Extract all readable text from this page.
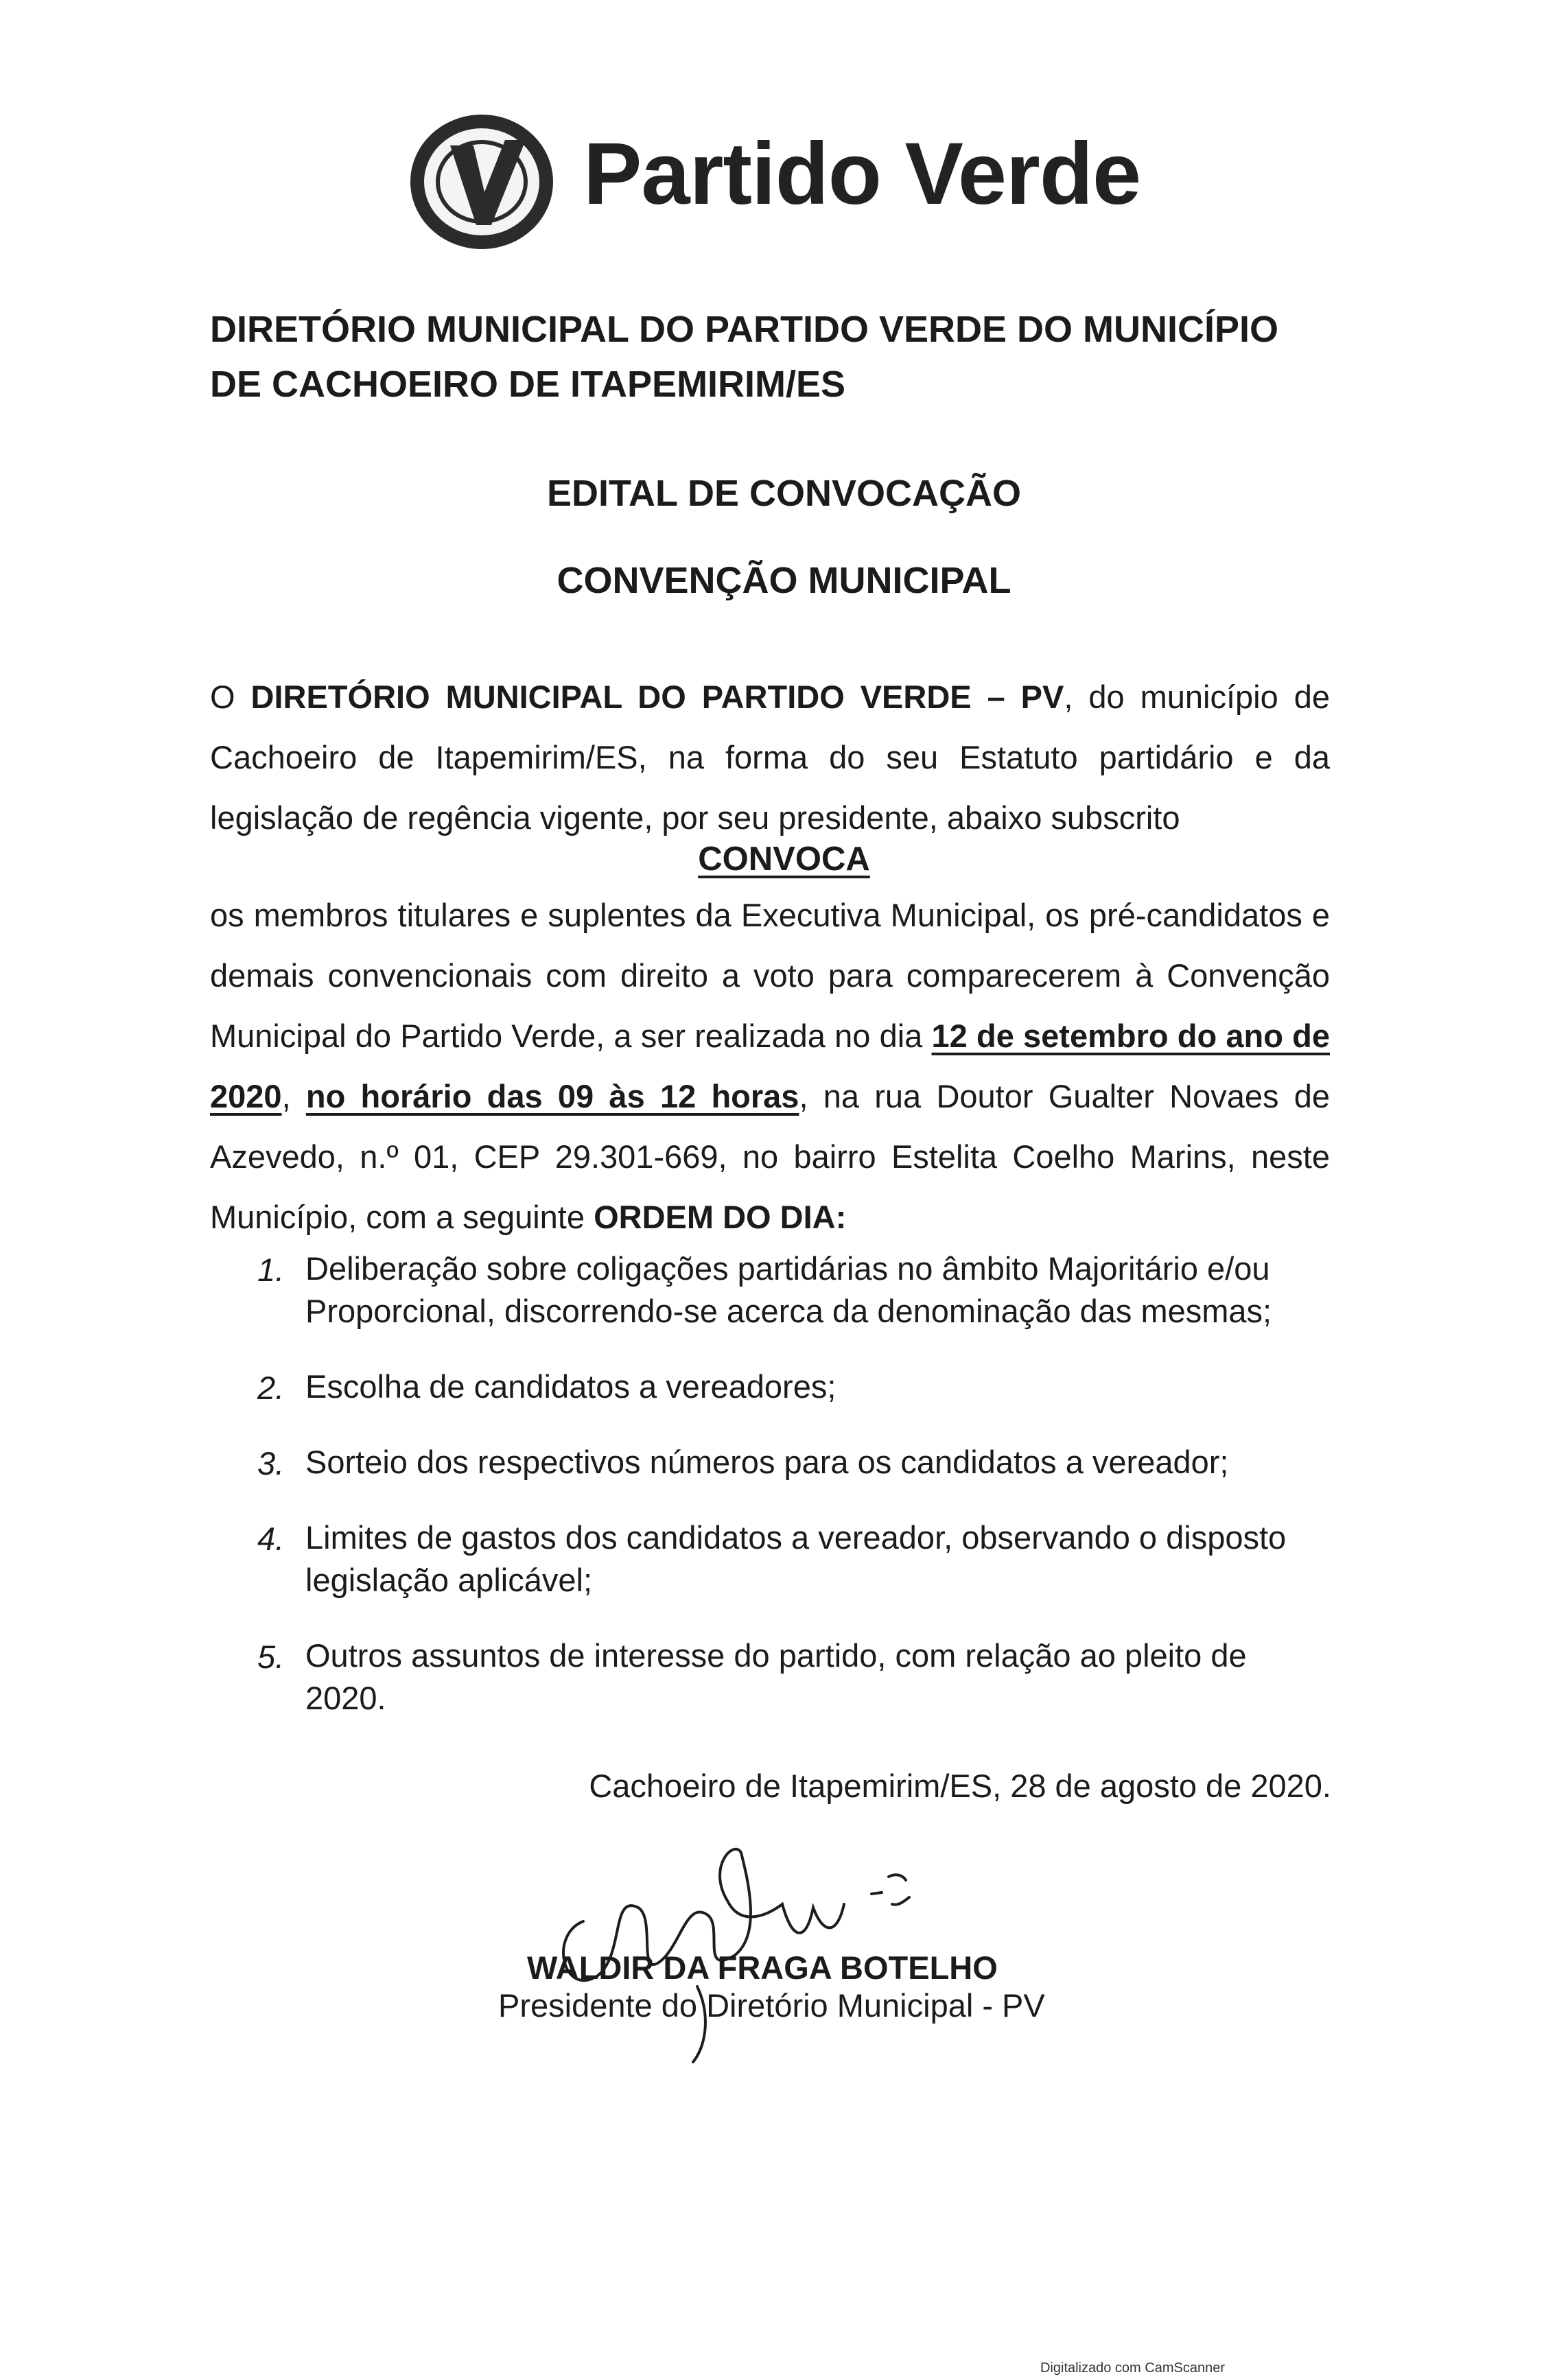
Partido Verde
DIRETÓRIO MUNICIPAL DO PARTIDO VERDE DO MUNICÍPIO
DE CACHOEIRO DE ITAPEMIRIM/ES
EDITAL DE CONVOCAÇÃO
CONVENÇÃO MUNICIPAL

O DIRETÓRIO MUNICIPAL DO PARTIDO VERDE – PV, do município de Cachoeiro de Itapemirim/ES, na forma do seu Estatuto partidário e da legislação de regência vigente, por seu presidente, abaixo subscrito

CONVOCA

os membros titulares e suplentes da Executiva Municipal, os pré-candidatos e demais convencionais com direito a voto para comparecerem à Convenção Municipal do Partido Verde, a ser realizada no dia 12 de setembro do ano de 2020, no horário das 09 às 12 horas, na rua Doutor Gualter Novaes de Azevedo, n.º 01, CEP 29.301-669, no bairro Estelita Coelho Marins, neste Município, com a seguinte ORDEM DO DIA:

1. Deliberação sobre coligações partidárias no âmbito Majoritário e/ou Proporcional, discorrendo-se acerca da denominação das mesmas;
2. Escolha de candidatos a vereadores;
3. Sorteio dos respectivos números para os candidatos a vereador;
4. Limites de gastos dos candidatos a vereador, observando o disposto legislação aplicável;
5. Outros assuntos de interesse do partido, com relação ao pleito de 2020.
Cachoeiro de Itapemirim/ES, 28 de agosto de 2020.
WALDIR DA FRAGA BOTELHO
Presidente do Diretório Municipal - PV
Digitalizado com CamScanner
